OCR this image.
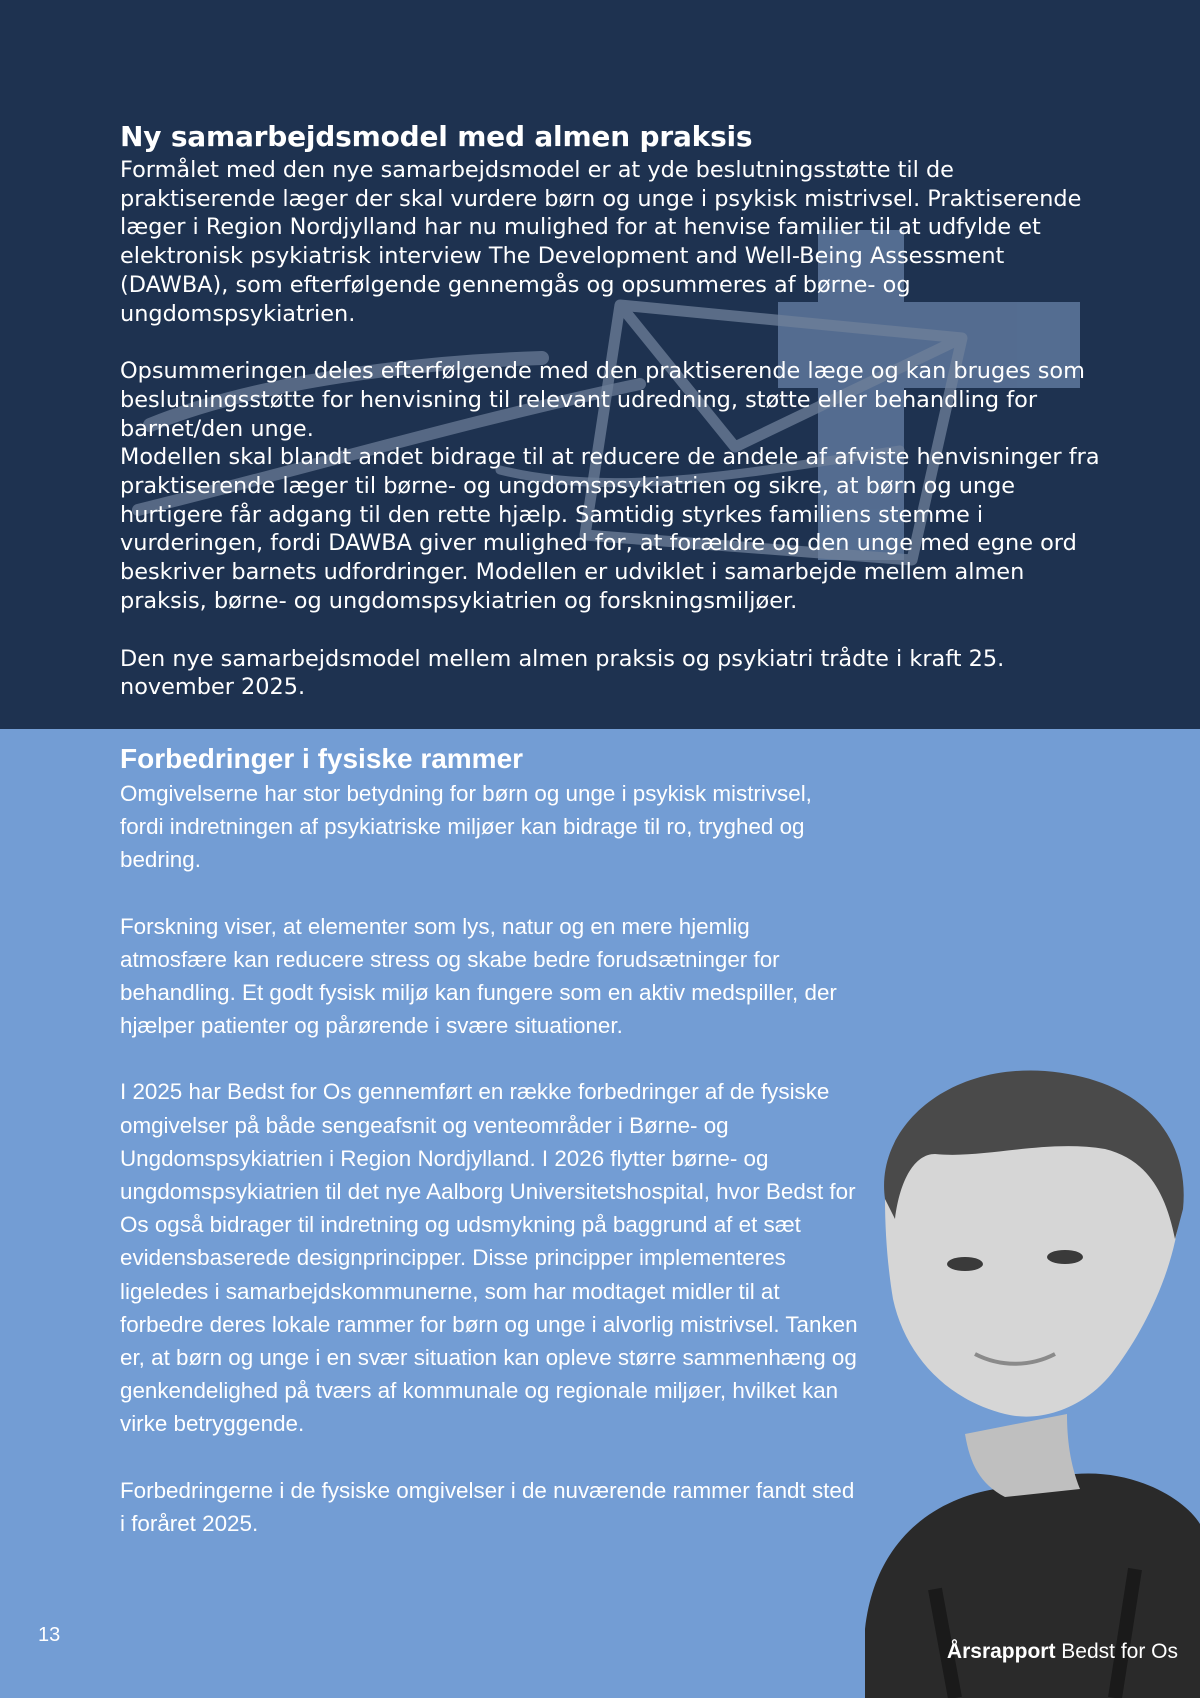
Ny samarbejdsmodel med almen praksis

Formålet med den nye samarbejdsmodel er at yde beslutningsstøtte til de praktiserende læger der skal vurdere børn og unge i psykisk mistrivsel. Praktiserende læger i Region Nordjylland har nu mulighed for at henvise familier til at udfylde et elektronisk psykiatrisk interview The Development and Well-Being Assessment (DAWBA), som efterfølgende gennemgås og opsummeres af børne- og ungdomspsykiatrien.

Opsummeringen deles efterfølgende med den praktiserende læge og kan bruges som beslutningsstøtte for henvisning til relevant udredning, støtte eller behandling for barnet/den unge.

Modellen skal blandt andet bidrage til at reducere de andele af afviste henvisninger fra praktiserende læger til børne- og ungdomspsykiatrien og sikre, at børn og unge hurtigere får adgang til den rette hjælp. Samtidig styrkes familiens stemme i vurderingen, fordi DAWBA giver mulighed for, at forældre og den unge med egne ord beskriver barnets udfordringer. Modellen er udviklet i samarbejde mellem almen praksis, børne- og ungdomspsykiatrien og forskningsmiljøer.

Den nye samarbejdsmodel mellem almen praksis og psykiatri trådte i kraft 25. november 2025.

Forbedringer i fysiske rammer

Omgivelserne har stor betydning for børn og unge i psykisk mistrivsel, fordi indretningen af psykiatriske miljøer kan bidrage til ro, tryghed og bedring.

Forskning viser, at elementer som lys, natur og en mere hjemlig atmosfære kan reducere stress og skabe bedre forudsætninger for behandling. Et godt fysisk miljø kan fungere som en aktiv medspiller, der hjælper patienter og pårørende i svære situationer.

I 2025 har Bedst for Os gennemført en række forbedringer af de fysiske omgivelser på både sengeafsnit og venteområder i Børne- og Ungdomspsykiatrien i Region Nordjylland. I 2026 flytter børne- og ungdomspsykiatrien til det nye Aalborg Universitetshospital, hvor Bedst for Os også bidrager til indretning og udsmykning på baggrund af et sæt evidensbaserede designprincipper. Disse principper implementeres ligeledes i samarbejdskommunerne, som har modtaget midler til at forbedre deres lokale rammer for børn og unge i alvorlig mistrivsel. Tanken er, at børn og unge i en svær situation kan opleve større sammenhæng og genkendelighed på tværs af kommunale og regionale miljøer, hvilket kan virke betryggende.

Forbedringerne i de fysiske omgivelser i de nuværende rammer fandt sted i foråret 2025.

13
Årsrapport Bedst for Os
